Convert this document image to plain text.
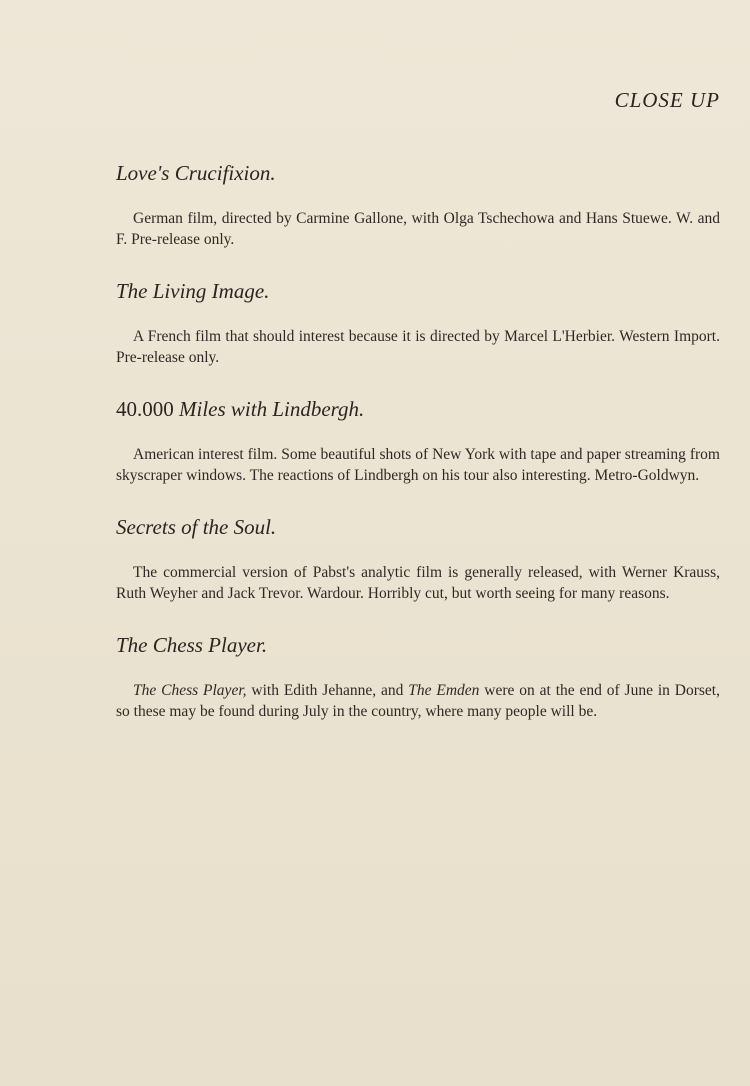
CLOSE UP
Love's Crucifixion.

German film, directed by Carmine Gallone, with Olga Tschechowa and Hans Stuewe. W. and F. Pre-release only.

The Living Image.

A French film that should interest because it is directed by Marcel L'Herbier. Western Import. Pre-release only.

40.000 Miles with Lindbergh.

American interest film. Some beautiful shots of New York with tape and paper streaming from skyscraper windows. The reactions of Lindbergh on his tour also interesting. Metro-Goldwyn.

Secrets of the Soul.

The commercial version of Pabst's analytic film is generally released, with Werner Krauss, Ruth Weyher and Jack Trevor. Wardour. Horribly cut, but worth seeing for many reasons.

The Chess Player.

The Chess Player, with Edith Jehanne, and The Emden were on at the end of June in Dorset, so these may be found during July in the country, where many people will be.
